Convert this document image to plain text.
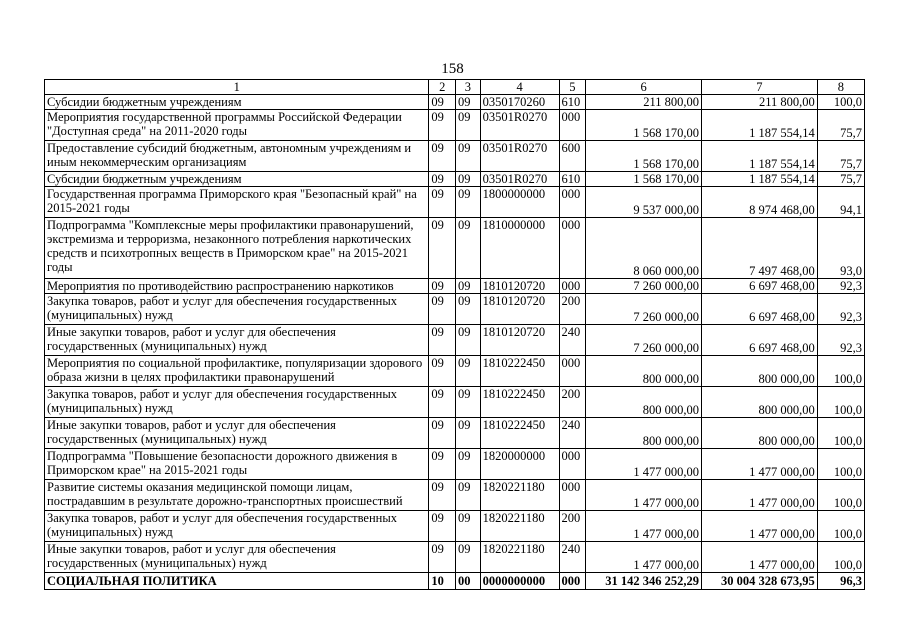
158
1	2	3	4	5	6	7	8
Субсидии бюджетным учреждениям	09	09	0350170260	610	211 800,00	211 800,00	100,0
Мероприятия государственной программы Российской Федерации "Доступная среда" на 2011-2020 годы	09	09	03501R0270	000	1 568 170,00	1 187 554,14	75,7
Предоставление субсидий бюджетным, автономным учреждениям и иным некоммерческим организациям	09	09	03501R0270	600	1 568 170,00	1 187 554,14	75,7
Субсидии бюджетным учреждениям	09	09	03501R0270	610	1 568 170,00	1 187 554,14	75,7
Государственная программа Приморского края "Безопасный край" на 2015-2021 годы	09	09	1800000000	000	9 537 000,00	8 974 468,00	94,1
Подпрограмма "Комплексные меры профилактики правонарушений, экстремизма и терроризма, незаконного потребления наркотических средств и психотропных веществ в Приморском крае" на 2015-2021 годы	09	09	1810000000	000	8 060 000,00	7 497 468,00	93,0
Мероприятия по противодействию распространению наркотиков	09	09	1810120720	000	7 260 000,00	6 697 468,00	92,3
Закупка товаров, работ и услуг для обеспечения государственных (муниципальных) нужд	09	09	1810120720	200	7 260 000,00	6 697 468,00	92,3
Иные закупки товаров, работ и услуг для обеспечения государственных (муниципальных) нужд	09	09	1810120720	240	7 260 000,00	6 697 468,00	92,3
Мероприятия по социальной профилактике, популяризации здорового образа жизни в целях профилактики правонарушений	09	09	1810222450	000	800 000,00	800 000,00	100,0
Закупка товаров, работ и услуг для обеспечения государственных (муниципальных) нужд	09	09	1810222450	200	800 000,00	800 000,00	100,0
Иные закупки товаров, работ и услуг для обеспечения государственных (муниципальных) нужд	09	09	1810222450	240	800 000,00	800 000,00	100,0
Подпрограмма "Повышение безопасности дорожного движения в Приморском крае" на 2015-2021 годы	09	09	1820000000	000	1 477 000,00	1 477 000,00	100,0
Развитие системы оказания медицинской помощи лицам, пострадавшим в результате дорожно-транспортных происшествий	09	09	1820221180	000	1 477 000,00	1 477 000,00	100,0
Закупка товаров, работ и услуг для обеспечения государственных (муниципальных) нужд	09	09	1820221180	200	1 477 000,00	1 477 000,00	100,0
Иные закупки товаров, работ и услуг для обеспечения государственных (муниципальных) нужд	09	09	1820221180	240	1 477 000,00	1 477 000,00	100,0
СОЦИАЛЬНАЯ ПОЛИТИКА	10	00	0000000000	000	31 142 346 252,29	30 004 328 673,95	96,3
